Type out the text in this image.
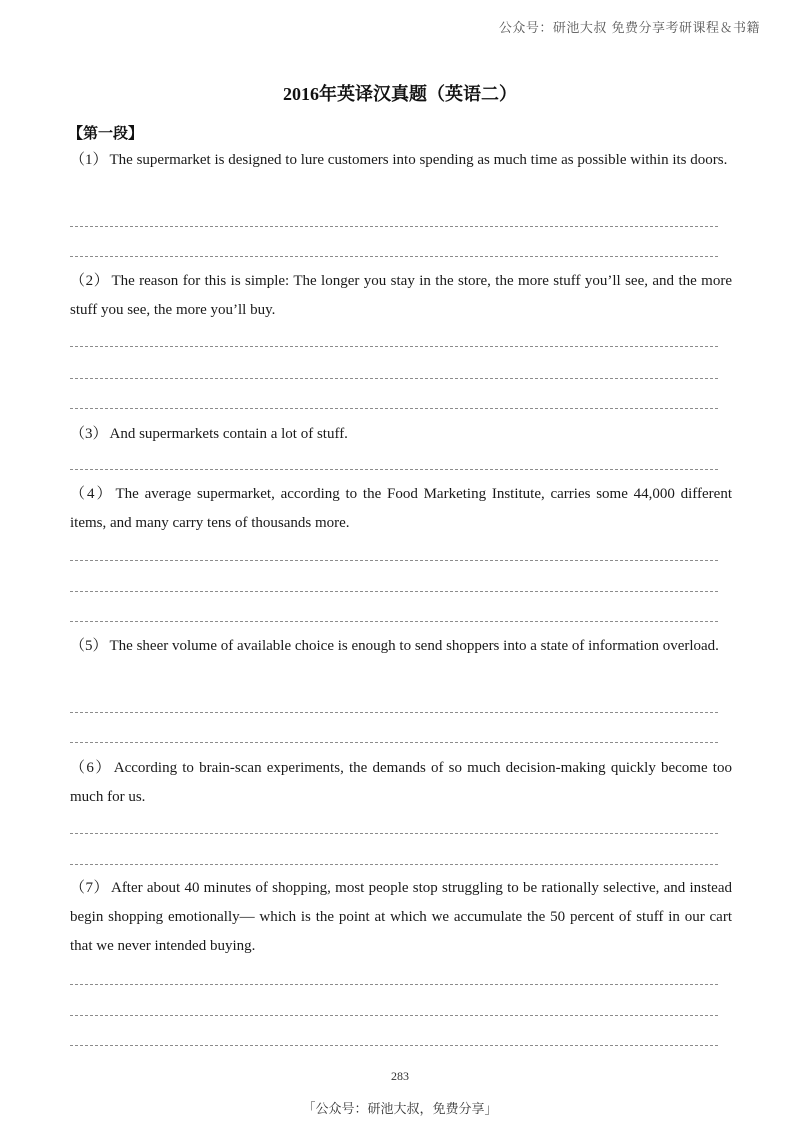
公众号：研池大叔 免费分享考研课程＆书籍
2016年英译汉真题（英语二）
【第一段】
（1） The supermarket is designed to lure customers into spending as much time as possible within its doors.
（2） The reason for this is simple: The longer you stay in the store, the more stuff you’ll see, and the more stuff you see, the more you’ll buy.
（3） And supermarkets contain a lot of stuff.
（4） The average supermarket, according to the Food Marketing Institute, carries some 44,000 different items, and many carry tens of thousands more.
（5） The sheer volume of available choice is enough to send shoppers into a state of information overload.
（6） According to brain-scan experiments, the demands of so much decision-making quickly become too much for us.
（7） After about 40 minutes of shopping, most people stop struggling to be rationally selective, and instead begin shopping emotionally— which is the point at which we accumulate the 50 percent of stuff in our cart that we never intended buying.
283
「公众号：研池大叔，免费分享」
